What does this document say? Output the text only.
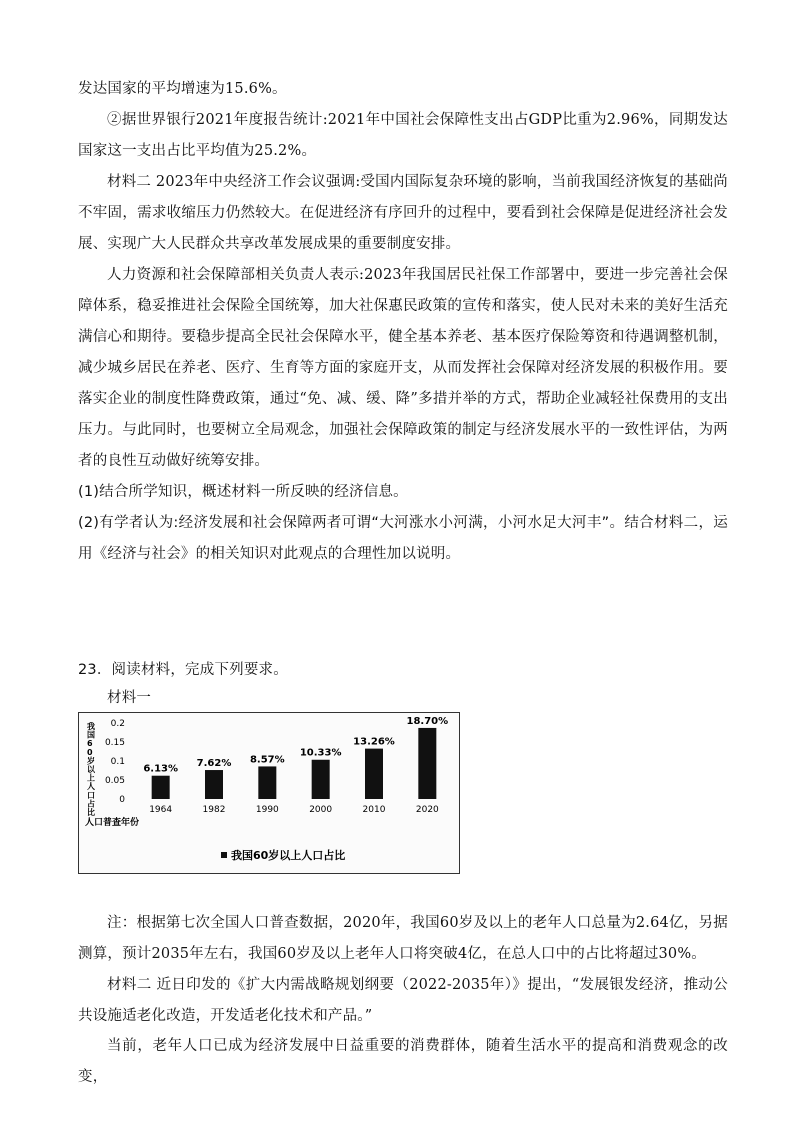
发达国家的平均增速为15.6%。
②据世界银行2021年度报告统计:2021年中国社会保障性支出占GDP比重为2.96%，同期发达国家这一支出占比平均值为25.2%。
材料二 2023年中央经济工作会议强调:受国内国际复杂环境的影响，当前我国经济恢复的基础尚不牢固，需求收缩压力仍然较大。在促进经济有序回升的过程中，要看到社会保障是促进经济社会发展、实现广大人民群众共享改革发展成果的重要制度安排。
人力资源和社会保障部相关负责人表示:2023年我国居民社保工作部署中，要进一步完善社会保障体系，稳妥推进社会保险全国统筹，加大社保惠民政策的宣传和落实，使人民对未来的美好生活充满信心和期待。要稳步提高全民社会保障水平，健全基本养老、基本医疗保险筹资和待遇调整机制，减少城乡居民在养老、医疗、生育等方面的家庭开支，从而发挥社会保障对经济发展的积极作用。要落实企业的制度性降费政策，通过“免、减、缓、降”多措并举的方式，帮助企业减轻社保费用的支出压力。与此同时，也要树立全局观念，加强社会保障政策的制定与经济发展水平的一致性评估，为两者的良性互动做好统筹安排。
(1)结合所学知识，概述材料一所反映的经济信息。
(2)有学者认为:经济发展和社会保障两者可谓“大河涨水小河满，小河水足大河丰”。结合材料二，运用《经济与社会》的相关知识对此观点的合理性加以说明。
23．阅读材料，完成下列要求。
材料一
我
国
6
0
岁
以
上
人
口
占
比
0
0.05
0.1
0.15
0.2
6.13%
1964
7.62%
1982
8.57%
1990
10.33%
2000
13.26%
2010
18.70%
2020
人口普查年份
我国60岁以上人口占比
注：根据第七次全国人口普查数据，2020年，我国60岁及以上的老年人口总量为2.64亿，另据测算，预计2035年左右，我国60岁及以上老年人口将突破4亿，在总人口中的占比将超过30%。
材料二 近日印发的《扩大内需战略规划纲要（2022-2035年）》提出，“发展银发经济，推动公共设施适老化改造，开发适老化技术和产品。”
当前，老年人口已成为经济发展中日益重要的消费群体，随着生活水平的提高和消费观念的改变，
